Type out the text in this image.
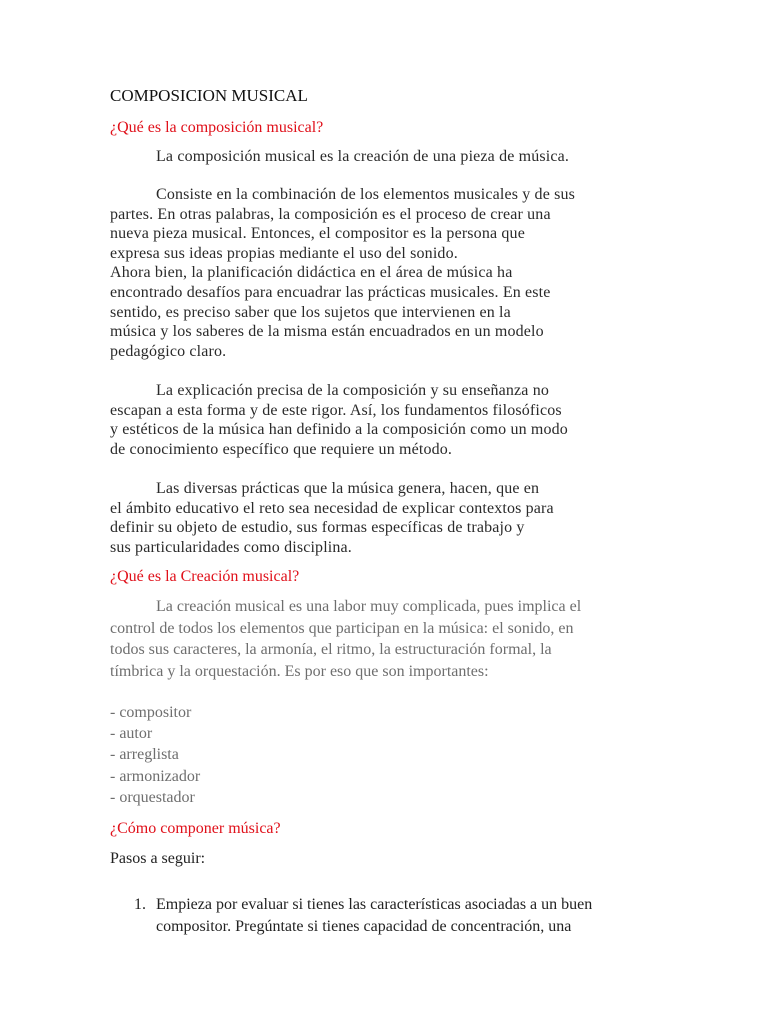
COMPOSICION MUSICAL
¿Qué es la composición musical?
La composición musical es la creación de una pieza de música.
Consiste en la combinación de los elementos musicales y de sus
partes. En otras palabras, la composición es el proceso de crear una
nueva pieza musical. Entonces, el compositor es la persona que
expresa sus ideas propias mediante el uso del sonido.
Ahora bien, la planificación didáctica en el área de música ha
encontrado desafíos para encuadrar las prácticas musicales. En este
sentido, es preciso saber que los sujetos que intervienen en la
música y los saberes de la misma están encuadrados en un modelo
pedagógico claro.
La explicación precisa de la composición y su enseñanza no
escapan a esta forma y de este rigor. Así, los fundamentos filosóficos
y estéticos de la música han definido a la composición como un modo
de conocimiento específico que requiere un método.
Las diversas prácticas que la música genera, hacen, que en
el ámbito educativo el reto sea necesidad de explicar contextos para
definir su objeto de estudio, sus formas específicas de trabajo y
sus particularidades como disciplina.
¿Qué es la Creación musical?
La creación musical es una labor muy complicada, pues implica el
control de todos los elementos que participan en la música: el sonido, en
todos sus caracteres, la armonía, el ritmo, la estructuración formal, la
tímbrica y la orquestación. Es por eso que son importantes:
- compositor
- autor
- arreglista
- armonizador
- orquestador
¿Cómo componer música?
Pasos a seguir:
1. Empieza por evaluar si tienes las características asociadas a un buen
compositor. Pregúntate si tienes capacidad de concentración, una
